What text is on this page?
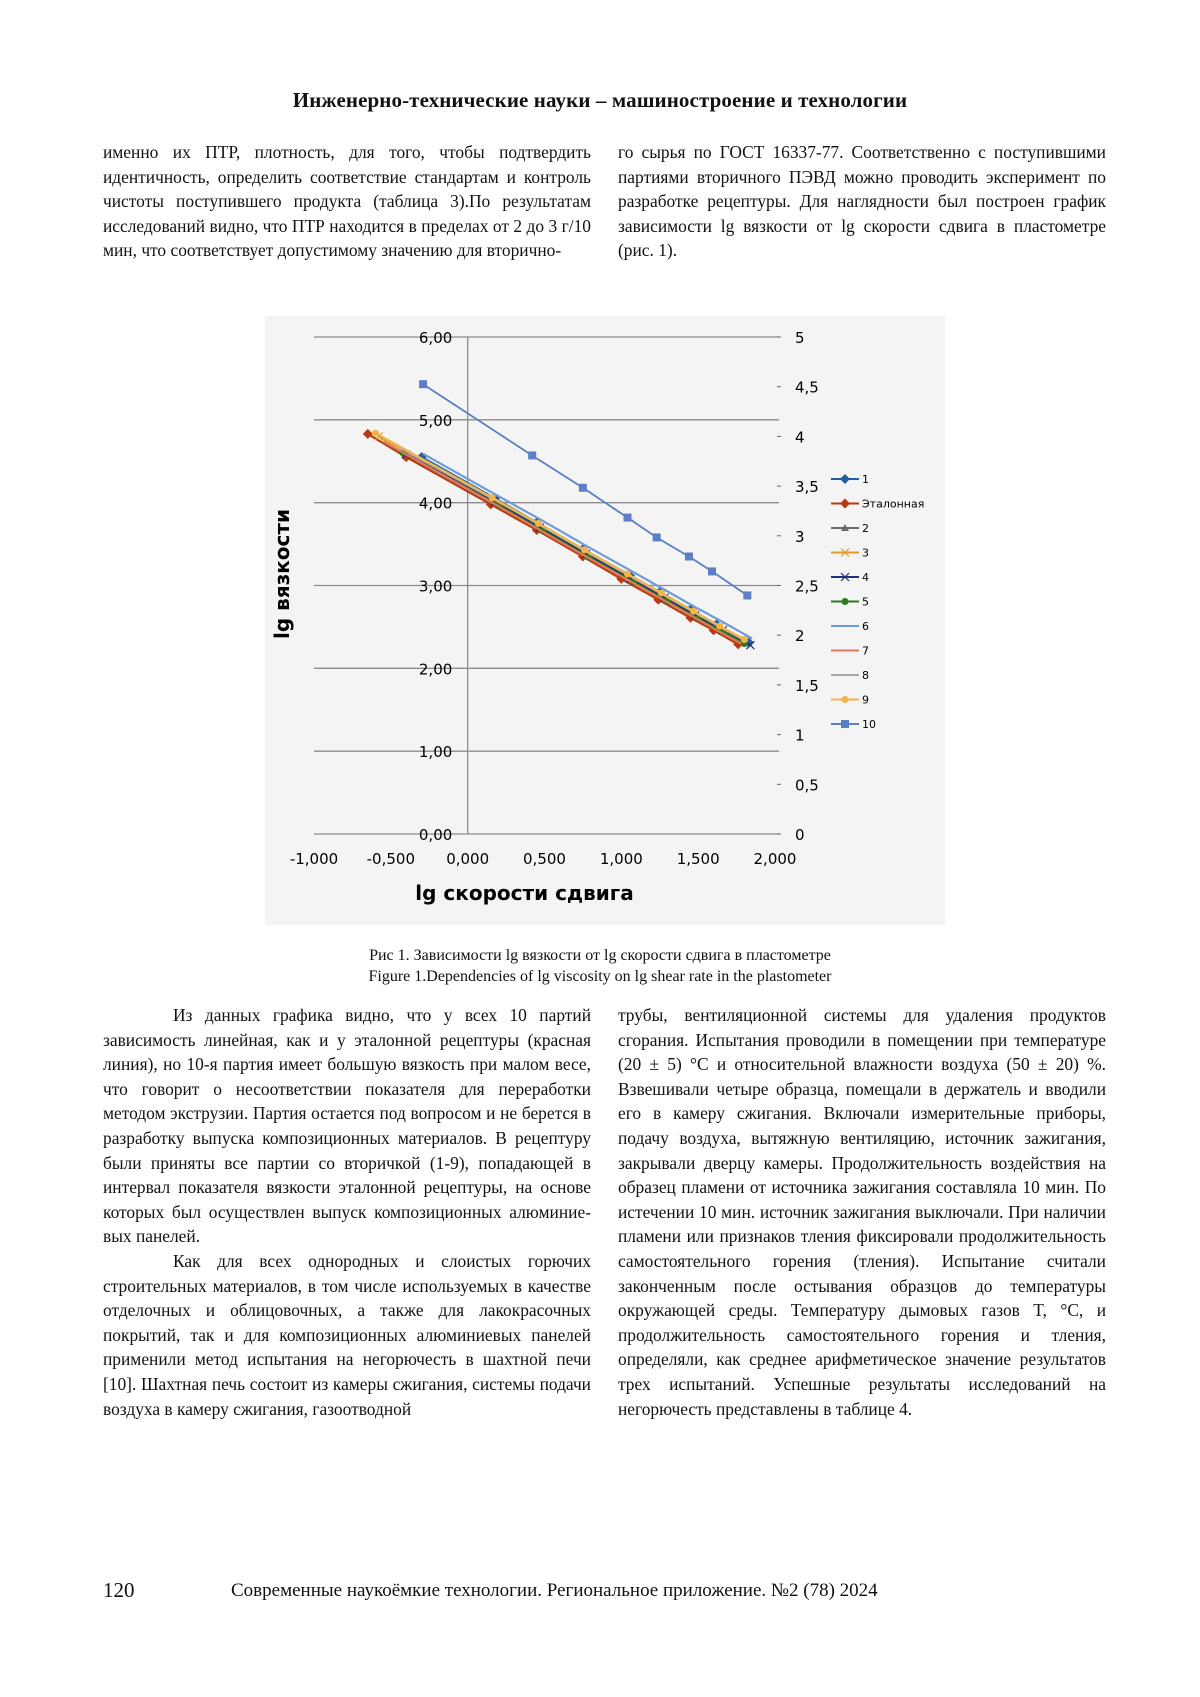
Инженерно-технические науки – машиностроение и технологии

именно их ПТР, плотность, для того, чтобы подтвердить идентичность, определить соответствие стандартам и контроль чистоты поступившего продукта (таблица 3).По результатам исследований видно, что ПТР находится в пределах от 2 до 3 г/10 мин, что соответствует допустимому значению для вторично-

го сырья по ГОСТ 16337-77. Соответственно с поступившими партиями вторичного ПЭВД можно проводить эксперимент по разработке рецептуры. Для наглядности был построен график зависимости lg вязкости от lg скорости сдвига в пластометре (рис. 1).

0,00
1,00
2,00
3,00
4,00
5,00
6,00
-1,000 -0,500 0,000 0,500 1,000 1,500 2,000
0
0,5
1
1,5
2
2,5
3
3,5
4
4,5
5
1
Эталонная
2
3
4
5
6
7
8
9
10
lg скорости сдвига
lg вязкости
Рис 1. Зависимости lg вязкости от lg скорости сдвига в пластометре
Figure 1.Dependencies of lg viscosity on lg shear rate in the plastometer

Из данных графика видно, что у всех 10 партий зависимость линейная, как и у эталонной рецептуры (красная линия), но 10-я партия имеет большую вязкость при малом весе, что говорит о несоответствии показателя для переработки методом экструзии. Партия остается под вопросом и не берется в разработку выпуска композиционных материалов. В рецептуру были приняты все партии со вторичкой (1-9), попадающей в интервал показателя вязкости эталонной рецептуры, на основе которых был осуществлен выпуск композиционных алюминиевых панелей.

Как для всех однородных и слоистых горючих строительных материалов, в том числе используемых в качестве отделочных и облицовочных, а также для лакокрасочных покрытий, так и для композиционных алюминиевых панелей применили метод испытания на негорючесть в шахтной печи [10]. Шахтная печь состоит из камеры сжигания, системы подачи воздуха в камеру сжигания, газоотводной

трубы, вентиляционной системы для удаления продуктов сгорания. Испытания проводили в помещении при температуре (20 ± 5) °C и относительной влажности воздуха (50 ± 20) %. Взвешивали четыре образца, помещали в держатель и вводили его в камеру сжигания. Включали измерительные приборы, подачу воздуха, вытяжную вентиляцию, источник зажигания, закрывали дверцу камеры. Продолжительность воздействия на образец пламени от источника зажигания составляла 10 мин. По истечении 10 мин. источник зажигания выключали. При наличии пламени или признаков тления фиксировали продолжительность самостоятельного горения (тления). Испытание считали законченным после остывания образцов до температуры окружающей среды. Температуру дымовых газов T, °C, и продолжительность самостоятельного горения и тления, определяли, как среднее арифметическое значение результатов трех испытаний. Успешные результаты исследований на негорючесть представлены в таблице 4.

120	Современные наукоёмкие технологии. Региональное приложение. №2 (78) 2024
